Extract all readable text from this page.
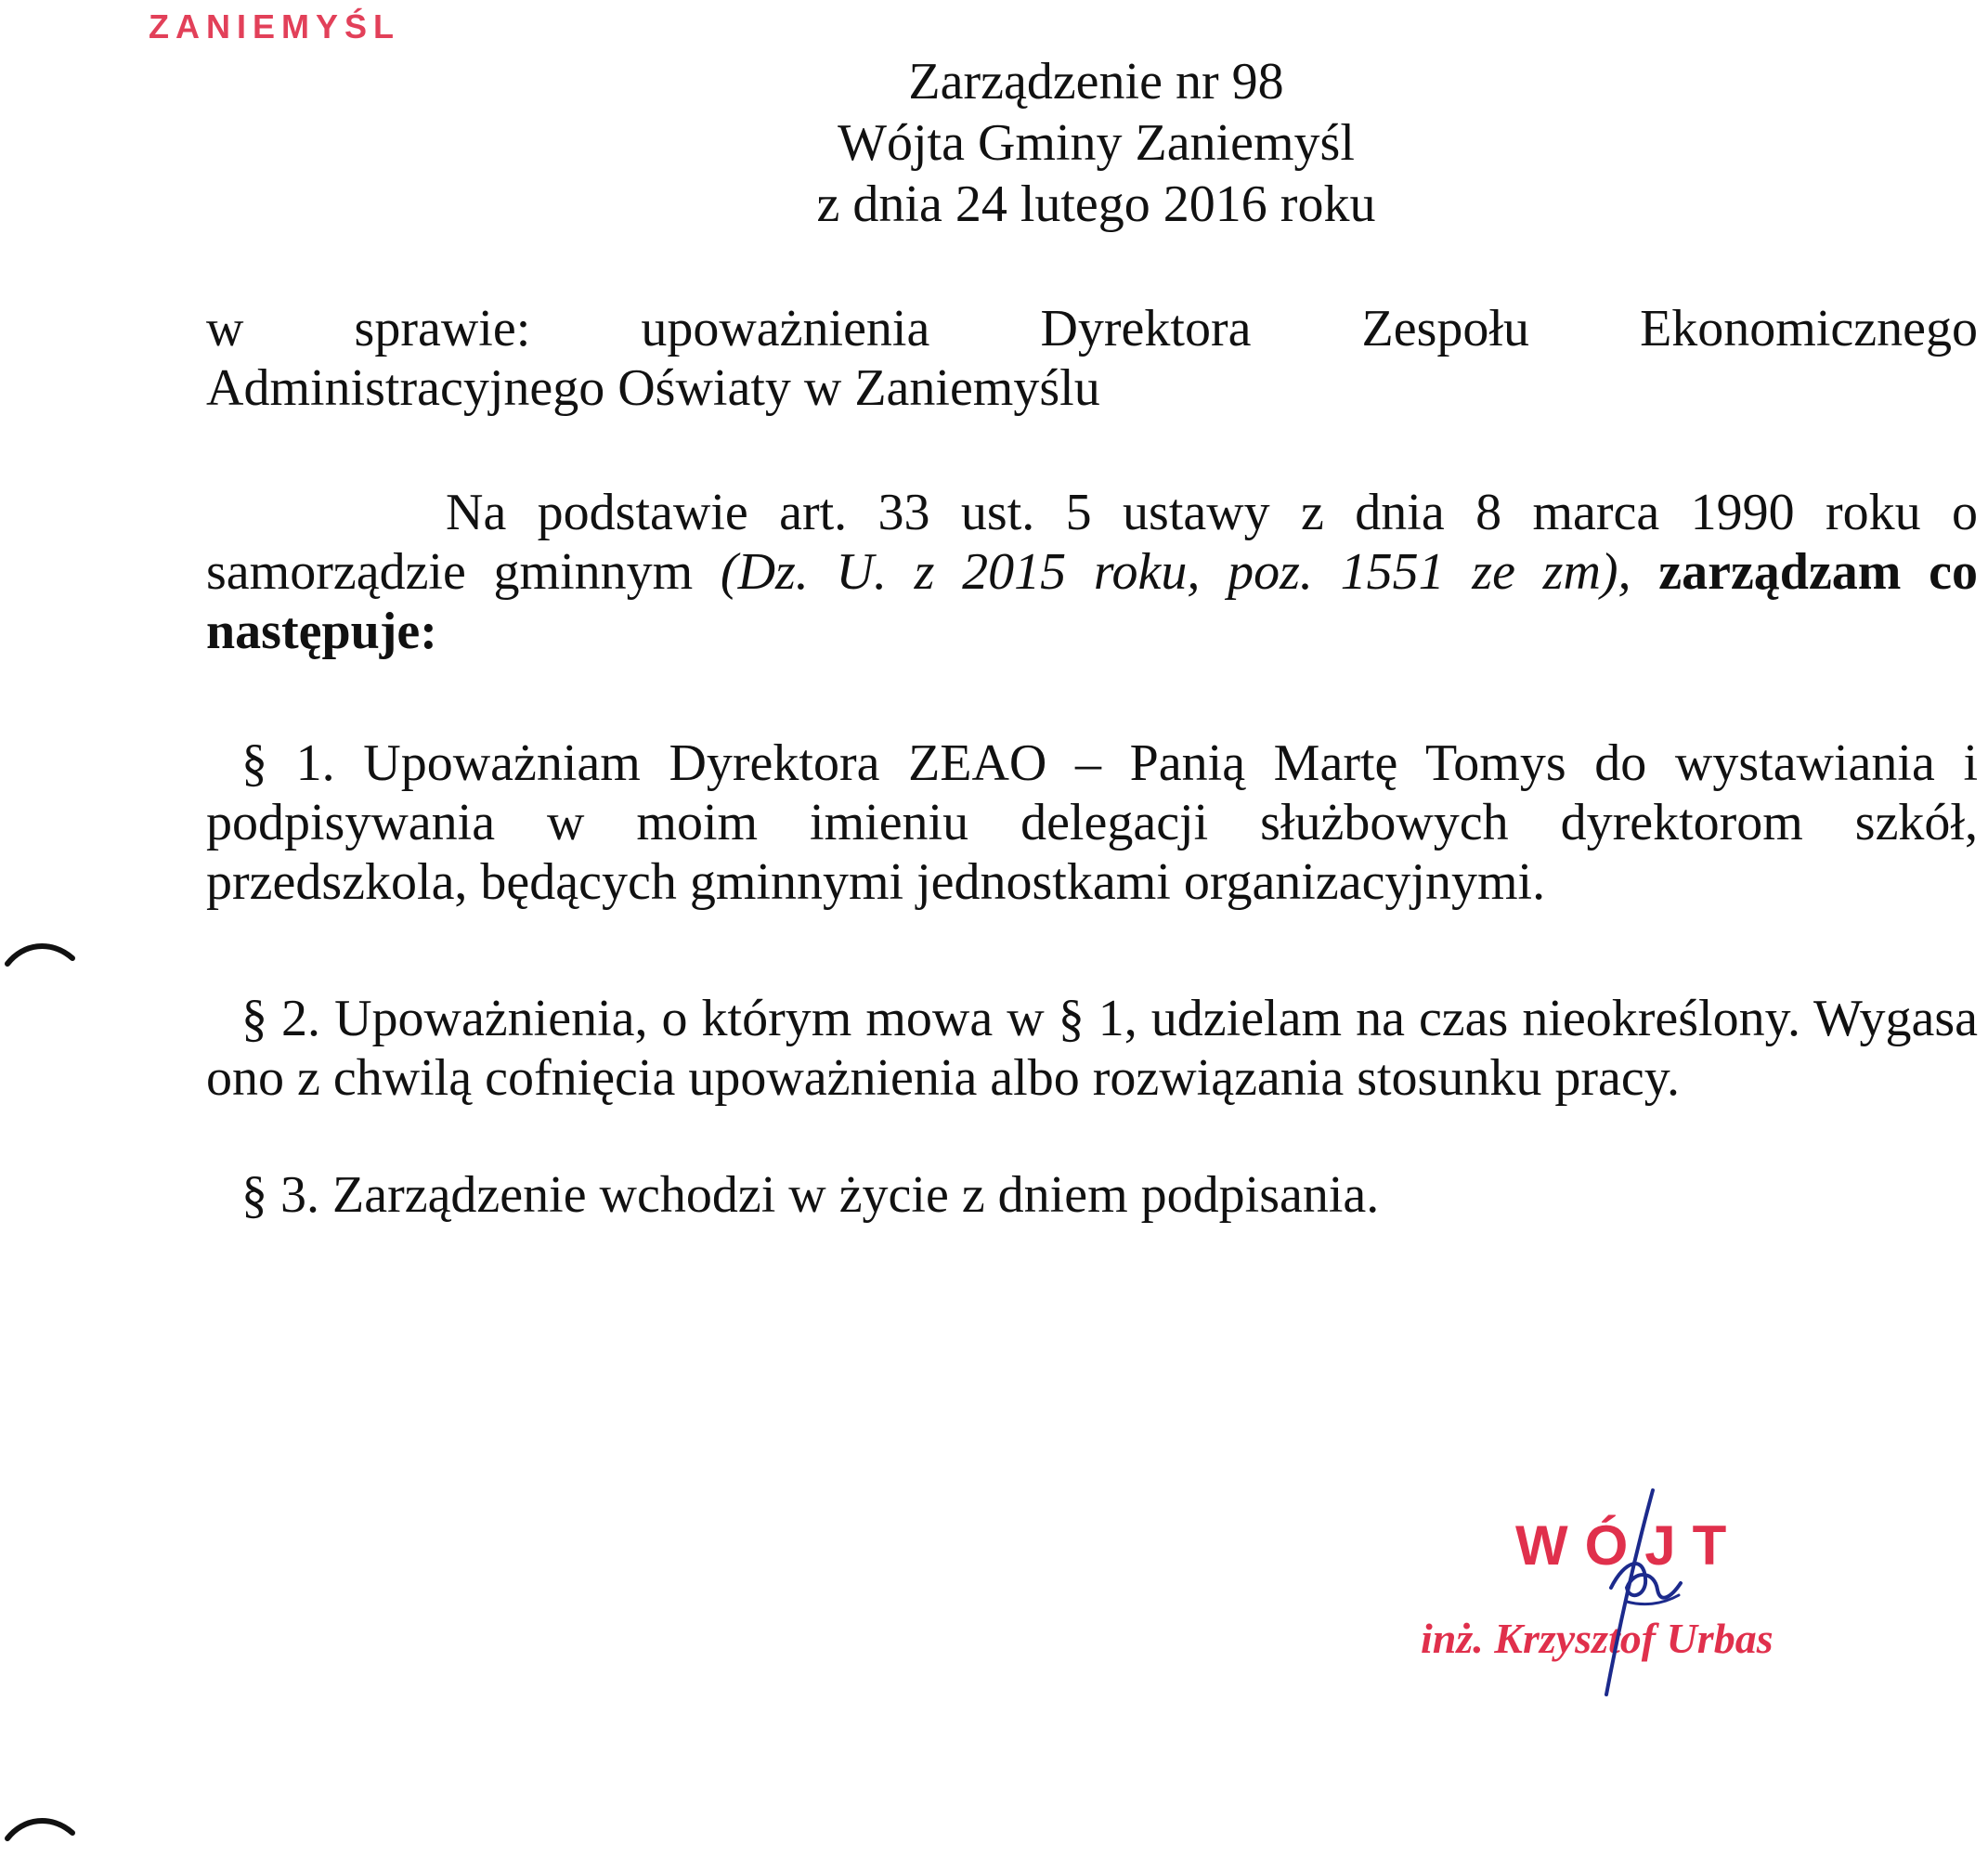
ZANIEMYŚL
Zarządzenie nr 98
Wójta Gminy Zaniemyśl
z dnia 24 lutego 2016 roku
w sprawie: upoważnienia Dyrektora Zespołu Ekonomicznego
Administracyjnego Oświaty w Zaniemyślu
Na podstawie art. 33 ust. 5 ustawy z dnia 8 marca 1990 roku o samorządzie gminnym (Dz. U. z 2015 roku, poz. 1551 ze zm), zarządzam co następuje:
§ 1. Upoważniam Dyrektora ZEAO – Panią Martę Tomys do wystawiania i podpisywania w moim imieniu delegacji służbowych dyrektorom szkół, przedszkola, będących gminnymi jednostkami organizacyjnymi.
§ 2. Upoważnienia, o którym mowa w § 1, udzielam na czas nieokreślony. Wygasa ono z chwilą cofnięcia upoważnienia albo rozwiązania stosunku pracy.
§ 3. Zarządzenie wchodzi w życie z dniem podpisania.
WÓJT
inż. Krzysztof Urbas
